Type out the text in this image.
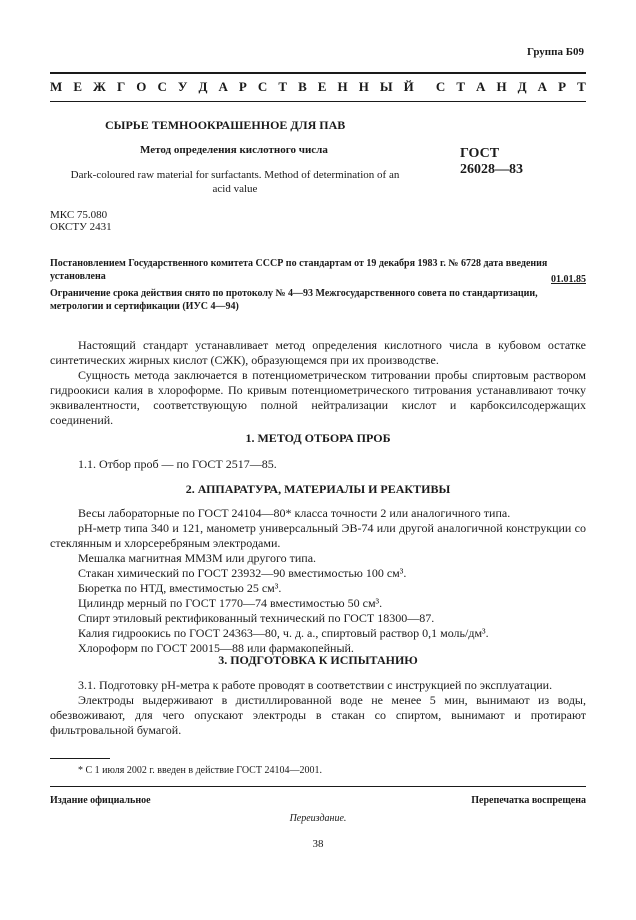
Группа Б09
М Е Ж Г О С У Д А Р С Т В Е Н Н Ы Й С Т А Н Д А Р Т
СЫРЬЕ ТЕМНООКРАШЕННОЕ ДЛЯ ПАВ
Метод определения кислотного числа
Dark-coloured raw material for surfactants. Method of determination of an acid value
ГОСТ
26028—83
МКС 75.080
ОКСТУ 2431
Постановлением Государственного комитета СССР по стандартам от 19 декабря 1983 г. № 6728 дата введения установлена	01.01.85
Ограничение срока действия снято по протоколу № 4—93 Межгосударственного совета по стандартизации, метрологии и сертификации (ИУС 4—94)

Настоящий стандарт устанавливает метод определения кислотного числа в кубовом остатке синтетических жирных кислот (СЖК), образующемся при их производстве.

Сущность метода заключается в потенциометрическом титровании пробы спиртовым раствором гидроокиси калия в хлороформе. По кривым потенциометрического титрования устанавливают точку эквивалентности, соответствующую полной нейтрализации кислот и карбоксилсодержащих соединений.

1. МЕТОД ОТБОРА ПРОБ

1.1. Отбор проб — по ГОСТ 2517—85.

2. АППАРАТУРА, МАТЕРИАЛЫ И РЕАКТИВЫ

Весы лабораторные по ГОСТ 24104—80* класса точности 2 или аналогичного типа.

pH-метр типа 340 и 121, манометр универсальный ЭВ-74 или другой аналогичной конструкции со стеклянным и хлорсеребряным электродами.

Мешалка магнитная ММЗМ или другого типа.

Стакан химический по ГОСТ 23932—90 вместимостью 100 см³.

Бюретка по НТД, вместимостью 25 см³.

Цилиндр мерный по ГОСТ 1770—74 вместимостью 50 см³.

Спирт этиловый ректификованный технический по ГОСТ 18300—87.

Калия гидроокись по ГОСТ 24363—80, ч. д. а., спиртовый раствор 0,1 моль/дм³.

Хлороформ по ГОСТ 20015—88 или фармакопейный.

3. ПОДГОТОВКА К ИСПЫТАНИЮ

3.1. Подготовку pH-метра к работе проводят в соответствии с инструкцией по эксплуатации.

Электроды выдерживают в дистиллированной воде не менее 5 мин, вынимают из воды, обезвоживают, для чего опускают электроды в стакан со спиртом, вынимают и протирают фильтровальной бумагой.

* С 1 июля 2002 г. введен в действие ГОСТ 24104—2001.
Издание официальное	Перепечатка воспрещена
Переиздание.
38
